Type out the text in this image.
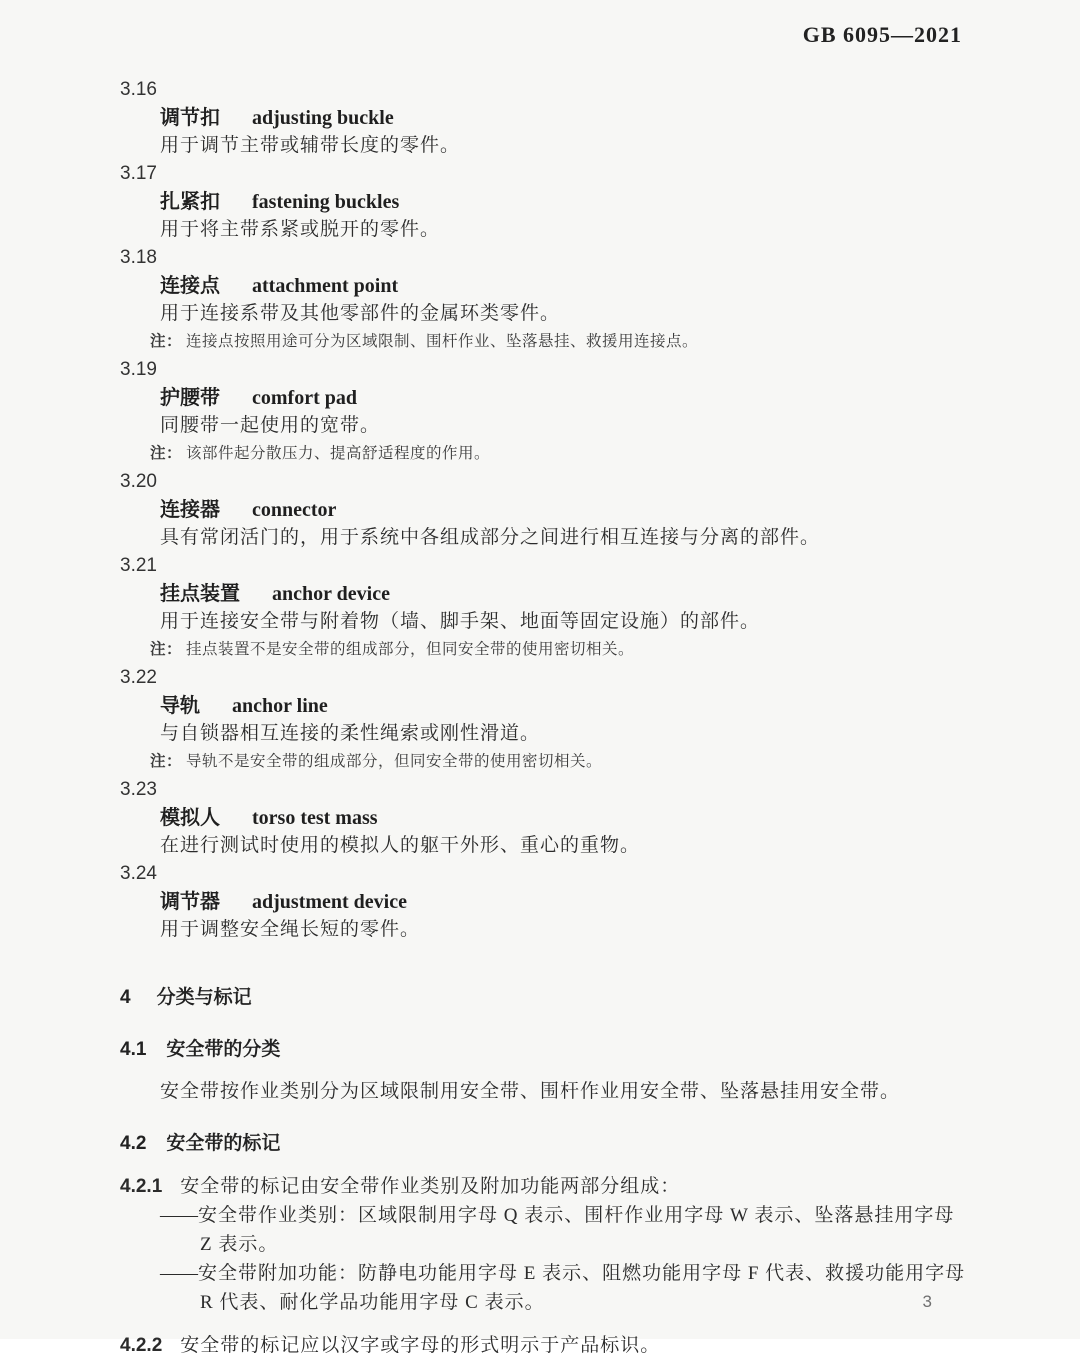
GB 6095—2021
3.16
调节扣 adjusting buckle
用于调节主带或辅带长度的零件。
3.17
扎紧扣 fastening buckles
用于将主带系紧或脱开的零件。
3.18
连接点 attachment point
用于连接系带及其他零部件的金属环类零件。
注： 连接点按照用途可分为区域限制、围杆作业、坠落悬挂、救援用连接点。
3.19
护腰带 comfort pad
同腰带一起使用的宽带。
注： 该部件起分散压力、提高舒适程度的作用。
3.20
连接器 connector
具有常闭活门的，用于系统中各组成部分之间进行相互连接与分离的部件。
3.21
挂点装置 anchor device
用于连接安全带与附着物（墙、脚手架、地面等固定设施）的部件。
注： 挂点装置不是安全带的组成部分，但同安全带的使用密切相关。
3.22
导轨 anchor line
与自锁器相互连接的柔性绳索或刚性滑道。
注： 导轨不是安全带的组成部分，但同安全带的使用密切相关。
3.23
模拟人 torso test mass
在进行测试时使用的模拟人的躯干外形、重心的重物。
3.24
调节器 adjustment device
用于调整安全绳长短的零件。
4 分类与标记
4.1 安全带的分类
安全带按作业类别分为区域限制用安全带、围杆作业用安全带、坠落悬挂用安全带。
4.2 安全带的标记
4.2.1 安全带的标记由安全带作业类别及附加功能两部分组成：
——安全带作业类别：区域限制用字母 Q 表示、围杆作业用字母 W 表示、坠落悬挂用字母 Z 表示。
——安全带附加功能：防静电功能用字母 E 表示、阻燃功能用字母 F 代表、救援功能用字母 R 代表、耐化学品功能用字母 C 表示。
4.2.2 安全带的标记应以汉字或字母的形式明示于产品标识。
3
